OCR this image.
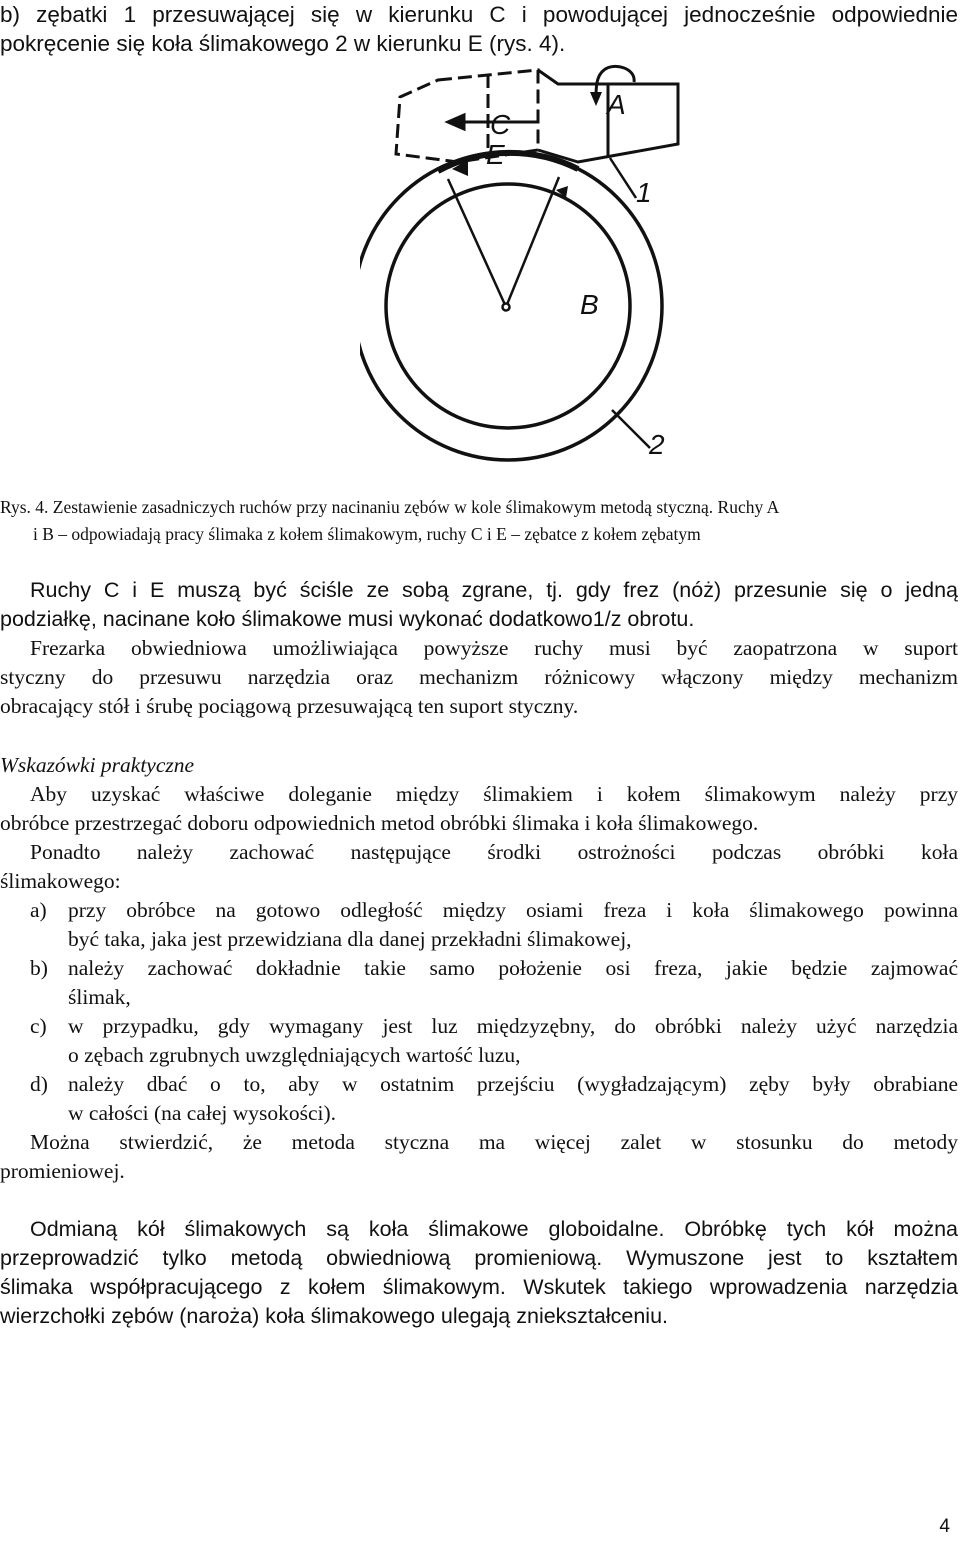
b) zębatki 1 przesuwającej się w kierunku C i powodującej jednocześnie odpowiednie
pokręcenie się koła ślimakowego 2 w kierunku E (rys. 4).
A
C
E
1
B
2
Rys. 4. Zestawienie zasadniczych ruchów przy nacinaniu zębów w kole ślimakowym metodą styczną. Ruchy A
i B – odpowiadają pracy ślimaka z kołem ślimakowym, ruchy C i E – zębatce z kołem zębatym
Ruchy C i E muszą być ściśle ze sobą zgrane, tj. gdy frez (nóż) przesunie się o jedną
podziałkę, nacinane koło ślimakowe musi wykonać dodatkowo1/z obrotu.
Frezarka obwiedniowa umożliwiająca powyższe ruchy musi być zaopatrzona w suport
styczny do przesuwu narzędzia oraz mechanizm różnicowy włączony między mechanizm
obracający stół i śrubę pociągową przesuwającą ten suport styczny.
Wskazówki praktyczne
Aby uzyskać właściwe doleganie między ślimakiem i kołem ślimakowym należy przy
obróbce przestrzegać doboru odpowiednich metod obróbki ślimaka i koła ślimakowego.
Ponadto należy zachować następujące środki ostrożności podczas obróbki koła
ślimakowego:
a) przy obróbce na gotowo odległość między osiami freza i koła ślimakowego powinna
być taka, jaka jest przewidziana dla danej przekładni ślimakowej,
b) należy zachować dokładnie takie samo położenie osi freza, jakie będzie zajmować
ślimak,
c) w przypadku, gdy wymagany jest luz międzyzębny, do obróbki należy użyć narzędzia
o zębach zgrubnych uwzględniających wartość luzu,
d) należy dbać o to, aby w ostatnim przejściu (wygładzającym) zęby były obrabiane
w całości (na całej wysokości).
Można stwierdzić, że metoda styczna ma więcej zalet w stosunku do metody
promieniowej.
Odmianą kół ślimakowych są koła ślimakowe globoidalne. Obróbkę tych kół można
przeprowadzić tylko metodą obwiedniową promieniową. Wymuszone jest to kształtem
ślimaka współpracującego z kołem ślimakowym. Wskutek takiego wprowadzenia narzędzia
wierzchołki zębów (naroża) koła ślimakowego ulegają zniekształceniu.
4
